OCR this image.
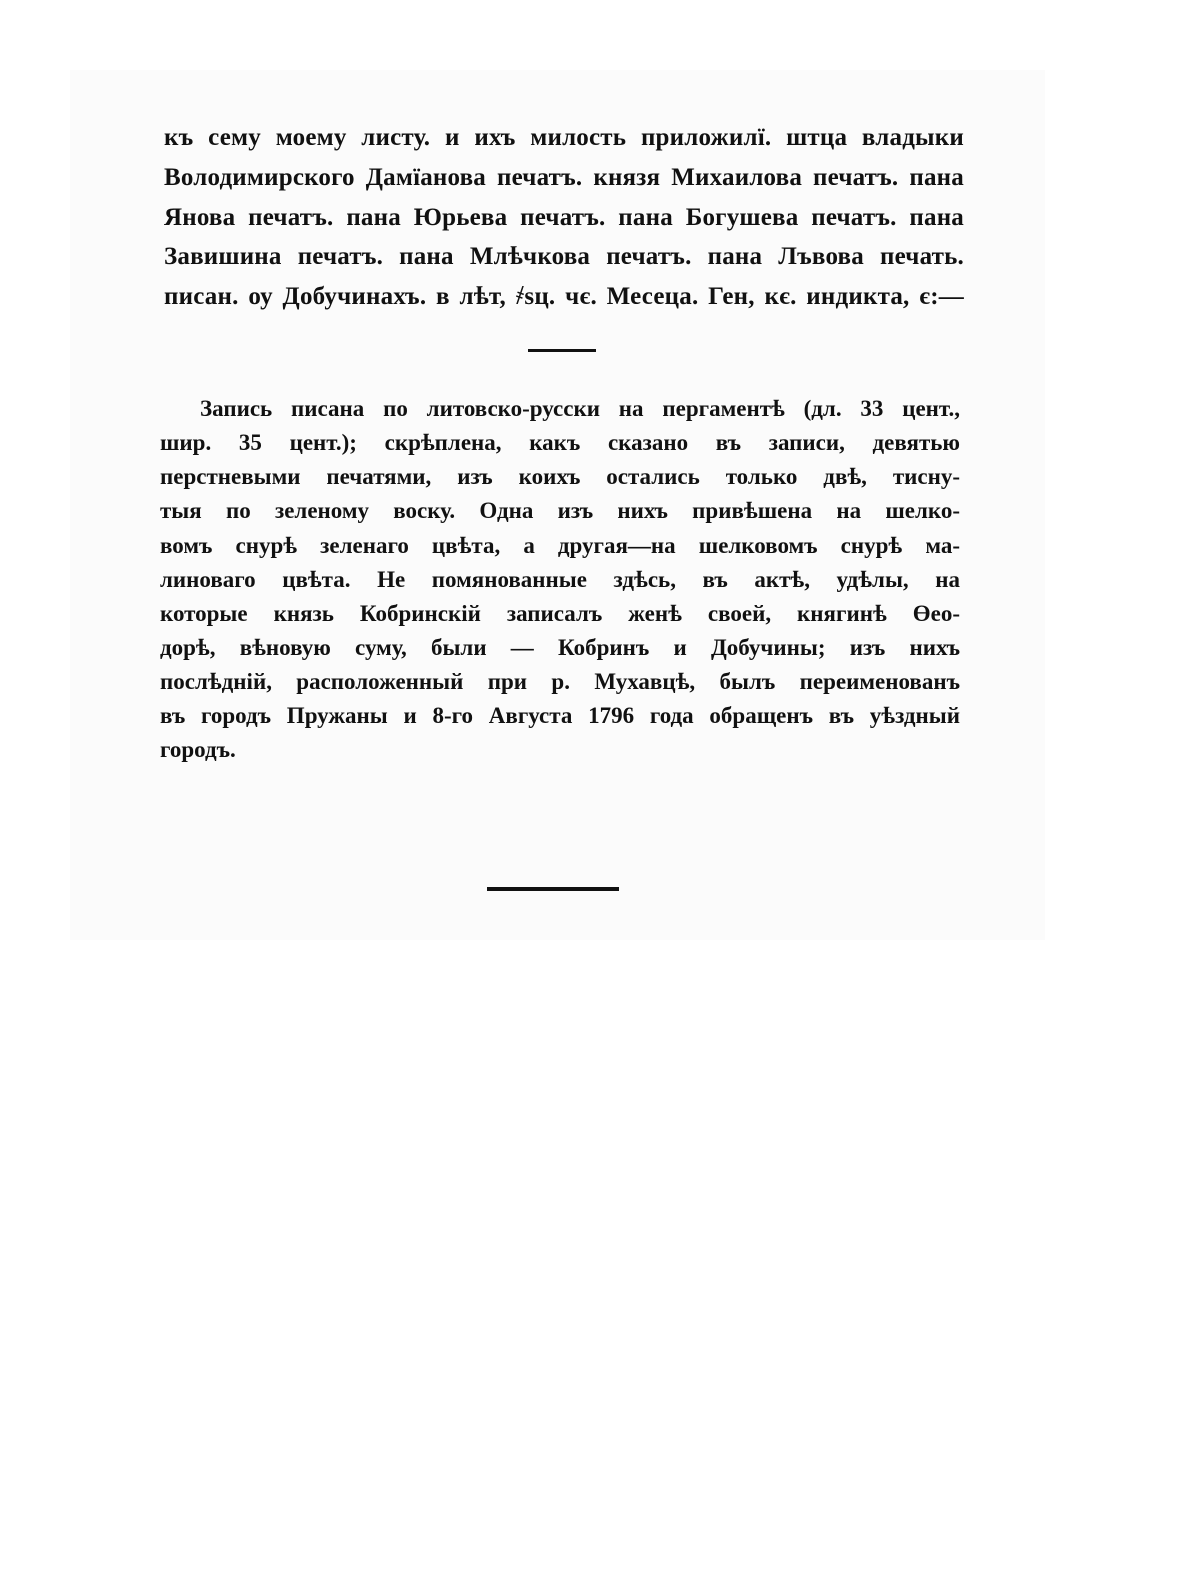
къ сему моему листу. и ихъ милость приложилї. штца владыки
Володимирского Дамїанова печатъ. князя Михаилова печатъ. пана
Янова печатъ. пана Юрьева печатъ. пана Богушева печатъ. пана
Завишина печатъ. пана Млѣчкова печатъ. пана Лъвова печать.
писан. оу Добучинахъ. в лѣт, ҂ѕц. чє. Месеца. Ген, кє. индикта, є:—
Запись писана по литовско-русски на пергаментѣ (дл. 33 цент.,
шир. 35 цент.); скрѣплена, какъ сказано въ записи, девятью
перстневыми печатями, изъ коихъ остались только двѣ, тисну-
тыя по зеленому воску. Одна изъ нихъ привѣшена на шелко-
вомъ снурѣ зеленаго цвѣта, а другая—на шелковомъ снурѣ ма-
линоваго цвѣта. Не помянованные здѣсь, въ актѣ, удѣлы, на
которые князь Кобринскій записалъ женѣ своей, княгинѣ Өео-
дорѣ, вѣновую суму, были — Кобринъ и Добучины; изъ нихъ
послѣдній, расположенный при р. Мухавцѣ, былъ переименованъ
въ городъ Пружаны и 8-го Августа 1796 года обращенъ въ уѣздный
городъ.
